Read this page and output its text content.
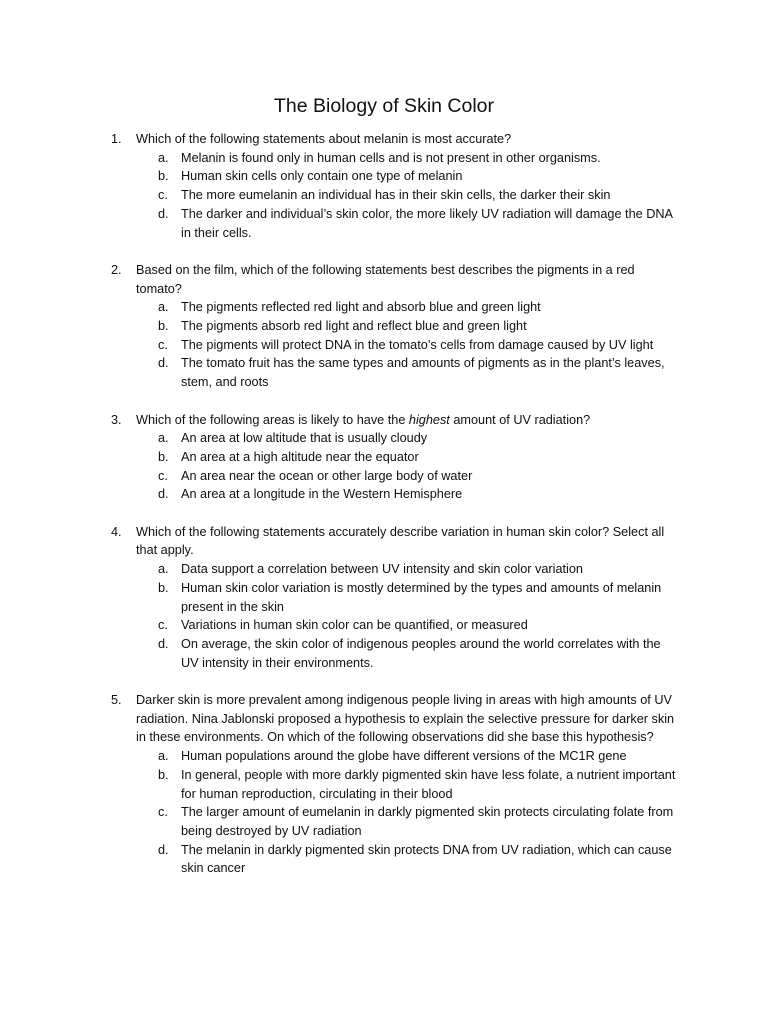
The Biology of Skin Color
1. Which of the following statements about melanin is most accurate?
a. Melanin is found only in human cells and is not present in other organisms.
b. Human skin cells only contain one type of melanin
c. The more eumelanin an individual has in their skin cells, the darker their skin
d. The darker and individual’s skin color, the more likely UV radiation will damage the DNA in their cells.
2. Based on the film, which of the following statements best describes the pigments in a red tomato?
a. The pigments reflected red light and absorb blue and green light
b. The pigments absorb red light and reflect blue and green light
c. The pigments will protect DNA in the tomato’s cells from damage caused by UV light
d. The tomato fruit has the same types and amounts of pigments as in the plant’s leaves, stem, and roots
3. Which of the following areas is likely to have the highest amount of UV radiation?
a. An area at low altitude that is usually cloudy
b. An area at a high altitude near the equator
c. An area near the ocean or other large body of water
d. An area at a longitude in the Western Hemisphere
4. Which of the following statements accurately describe variation in human skin color? Select all that apply.
a. Data support a correlation between UV intensity and skin color variation
b. Human skin color variation is mostly determined by the types and amounts of melanin present in the skin
c. Variations in human skin color can be quantified, or measured
d. On average, the skin color of indigenous peoples around the world correlates with the UV intensity in their environments.
5. Darker skin is more prevalent among indigenous people living in areas with high amounts of UV radiation. Nina Jablonski proposed a hypothesis to explain the selective pressure for darker skin in these environments. On which of the following observations did she base this hypothesis?
a. Human populations around the globe have different versions of the MC1R gene
b. In general, people with more darkly pigmented skin have less folate, a nutrient important for human reproduction, circulating in their blood
c. The larger amount of eumelanin in darkly pigmented skin protects circulating folate from being destroyed by UV radiation
d. The melanin in darkly pigmented skin protects DNA from UV radiation, which can cause skin cancer
